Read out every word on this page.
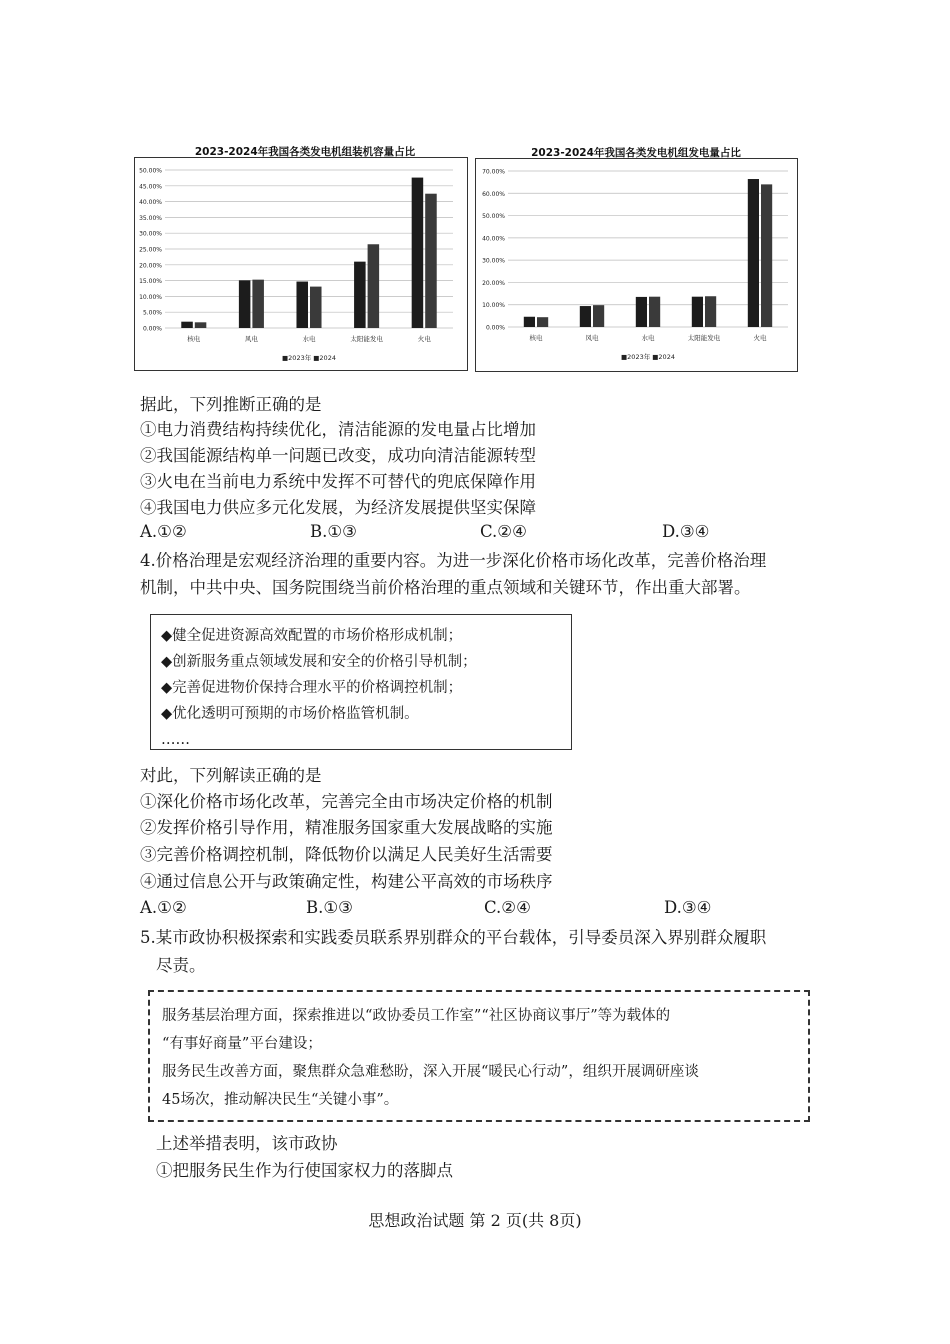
2023-2024年我国各类发电机组装机容量占比
0.00%
5.00%
10.00%
15.00%
20.00%
25.00%
30.00%
35.00%
40.00%
45.00%
50.00%
核电	风电	水电	太阳能发电	火电
■2023年 ■2024
2023-2024年我国各类发电机组发电量占比
0.00%
10.00%
20.00%
30.00%
40.00%
50.00%
60.00%
70.00%
核电	风电	水电	太阳能发电	火电
■2023年 ■2024
据此，下列推断正确的是
①电力消费结构持续优化，清洁能源的发电量占比增加
②我国能源结构单一问题已改变，成功向清洁能源转型
③火电在当前电力系统中发挥不可替代的兜底保障作用
④我国电力供应多元化发展，为经济发展提供坚实保障
A.①②	B.①③	C.②④	D.③④
4.价格治理是宏观经济治理的重要内容。为进一步深化价格市场化改革，完善价格治理
机制，中共中央、国务院围绕当前价格治理的重点领域和关键环节，作出重大部署。
◆健全促进资源高效配置的市场价格形成机制；
◆创新服务重点领域发展和安全的价格引导机制；
◆完善促进物价保持合理水平的价格调控机制；
◆优化透明可预期的市场价格监管机制。
……
对此，下列解读正确的是
①深化价格市场化改革，完善完全由市场决定价格的机制
②发挥价格引导作用，精准服务国家重大发展战略的实施
③完善价格调控机制，降低物价以满足人民美好生活需要
④通过信息公开与政策确定性，构建公平高效的市场秩序
A.①②	B.①③	C.②④	D.③④
5.某市政协积极探索和实践委员联系界别群众的平台载体，引导委员深入界别群众履职
尽责。
服务基层治理方面，探索推进以“政协委员工作室”“社区协商议事厅”等为载体的
“有事好商量”平台建设；
服务民生改善方面，聚焦群众急难愁盼，深入开展“暖民心行动”，组织开展调研座谈
45场次，推动解决民生“关键小事”。
上述举措表明，该市政协
①把服务民生作为行使国家权力的落脚点
思想政治试题 第 2 页(共 8页)
